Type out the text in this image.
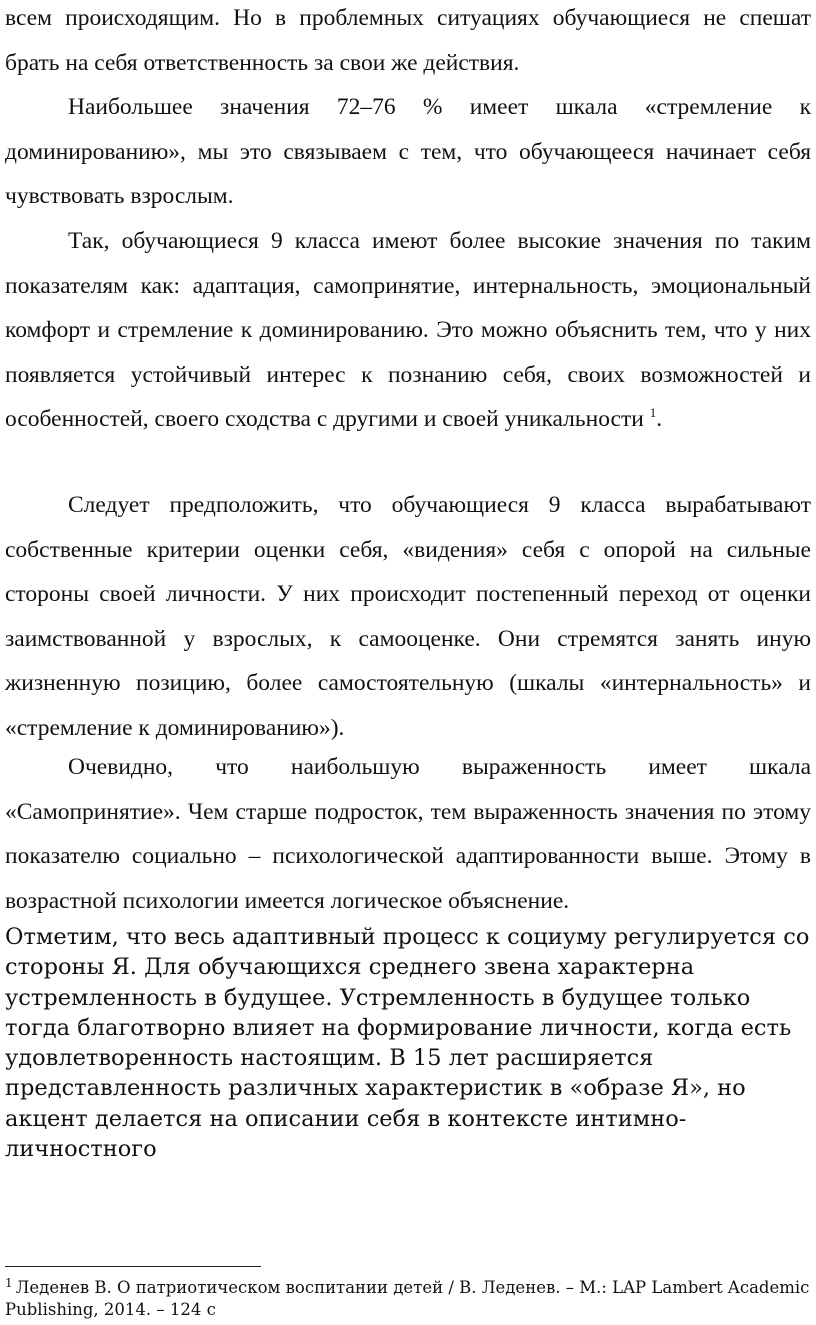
всем происходящим. Но в проблемных ситуациях обучающиеся не спешат брать на себя ответственность за свои же действия.

Наибольшее значения 72–76 % имеет шкала «стремление к доминированию», мы это связываем с тем, что обучающееся начинает себя чувствовать взрослым.

Так, обучающиеся 9 класса имеют более высокие значения по таким показателям как: адаптация, самопринятие, интернальность, эмоциональный комфорт и стремление к доминированию. Это можно объяснить тем, что у них появляется устойчивый интерес к познанию себя, своих возможностей и особенностей, своего сходства с другими и своей уникальности $^1$.

Следует предположить, что обучающиеся 9 класса вырабатывают собственные критерии оценки себя, «видения» себя с опорой на сильные стороны своей личности. У них происходит постепенный переход от оценки заимствованной у взрослых, к самооценке. Они стремятся занять иную жизненную позицию, более самостоятельную (шкалы «интернальность» и «стремление к доминированию»).

Очевидно, что наибольшую выраженность имеет шкала «Самопринятие». Чем старше подросток, тем выраженность значения по этому показателю социально – психологической адаптированности выше. Этому в возрастной психологии имеется логическое объяснение.

Отметим, что весь адаптивный процесс к социуму регулируется со стороны Я. Для обучающихся среднего звена характерна устремленность в будущее. Устремленность в будущее только тогда благотворно влияет на формирование личности, когда есть удовлетворенность настоящим. В 15 лет расширяется представленность различных характеристик в «образе Я», но акцент делается на описании себя в контексте интимно-личностного

$^1$ Леденев В. О патриотическом воспитании детей / В. Леденев. – М.: LAP Lambert Academic Publishing, 2014. – 124 с
